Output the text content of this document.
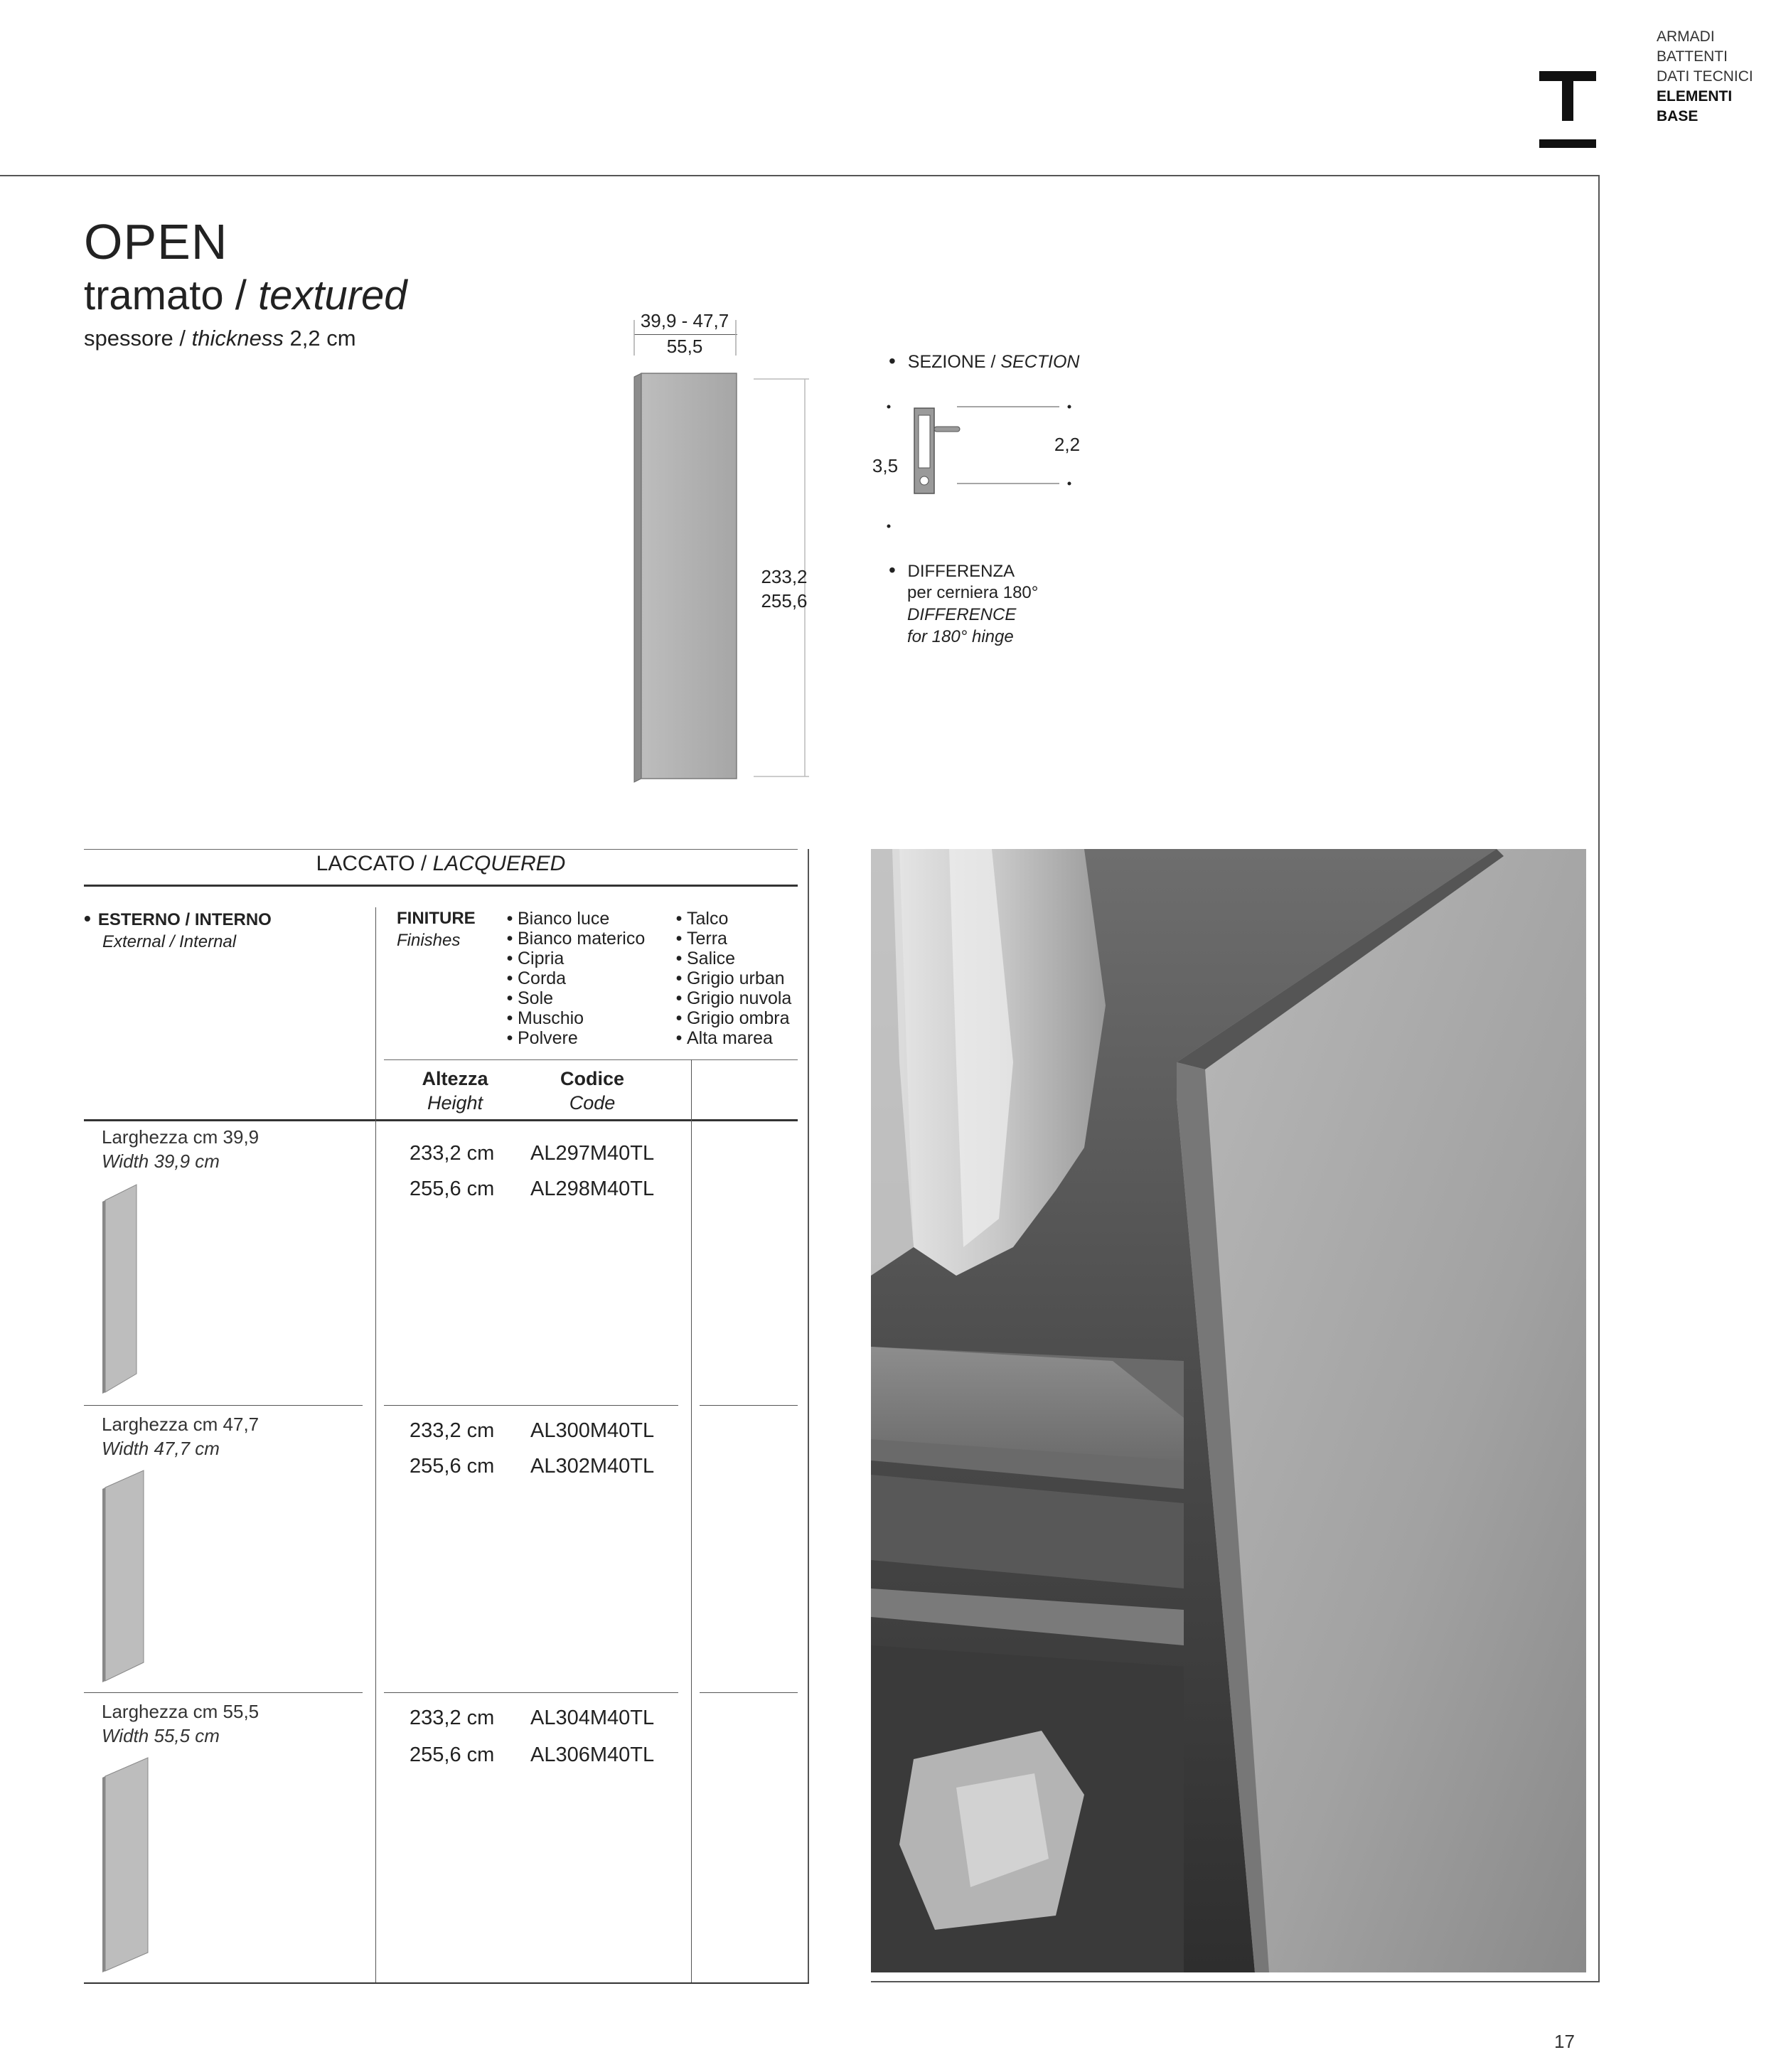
ARMADI
BATTENTI
DATI TECNICI
ELEMENTI BASE
OPEN
tramato / textured
spessore / thickness 2,2 cm
39,9 - 47,7
55,5
233,2
255,6
• SEZIONE / SECTION
3,5
2,2
• DIFFERENZA
per cerniera 180°
DIFFERENCE
for 180° hinge
LACCATO / LACQUERED
• ESTERNO / INTERNO
External / Internal
FINITURE
Finishes
• Bianco luce
• Bianco materico
• Cipria
• Corda
• Sole
• Muschio
• Polvere
• Talco
• Terra
• Salice
• Grigio urban
• Grigio nuvola
• Grigio ombra
• Alta marea
Altezza
Height
Codice
Code
Larghezza cm 39,9
Width 39,9 cm	233,2 cm AL297M40TL
255,6 cm AL298M40TL
Larghezza cm 47,7
Width 47,7 cm
233,2 cm AL300M40TL
255,6 cm AL302M40TL
Larghezza cm 55,5
Width 55,5 cm
233,2 cm AL304M40TL
255,6 cm AL306M40TL
17
